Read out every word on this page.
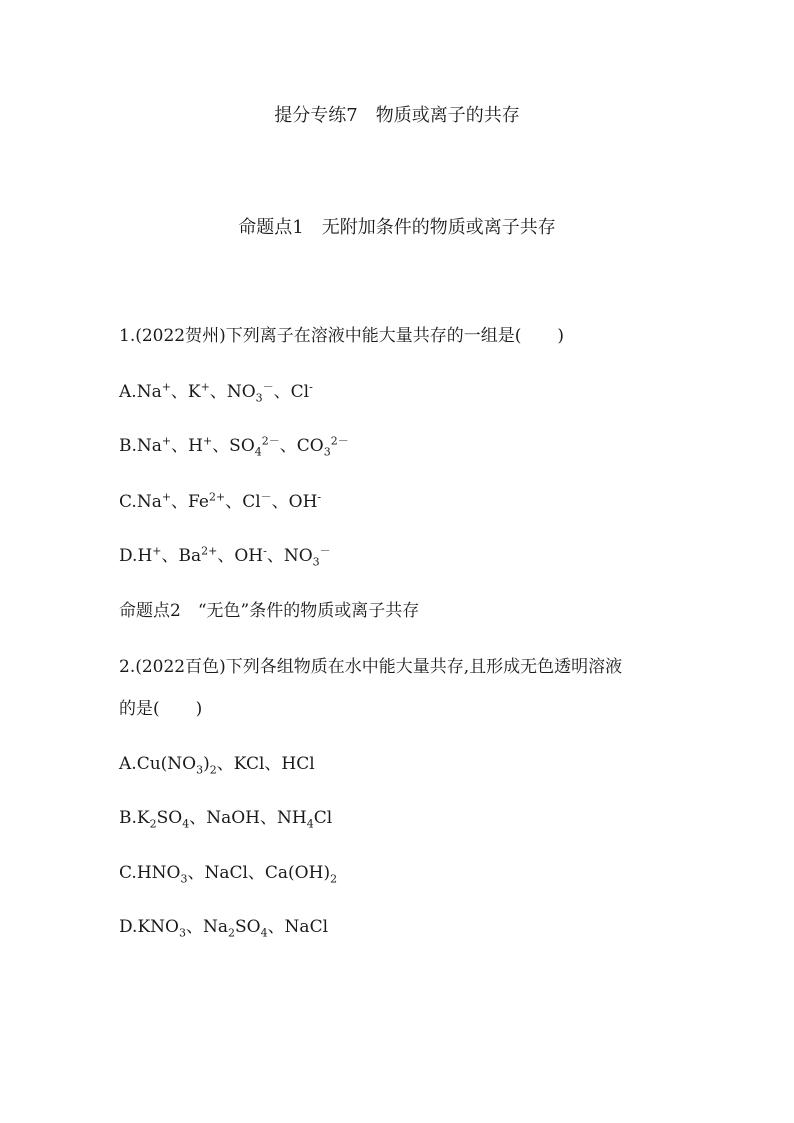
提分专练7　物质或离子的共存
命题点1　无附加条件的物质或离子共存
1.(2022贺州)下列离子在溶液中能大量共存的一组是( )
A.Na+、K+、$NO_3^-$、Cl-
B.Na+、H+、$SO_4^{2-}$、$CO_3^{2-}$
C.Na+、$Fe^{2+}$、Cl－、OH-
D.H+、$Ba^{2+}$、OH-、$NO_3^-$
命题点2　“无色”条件的物质或离子共存
2.(2022百色)下列各组物质在水中能大量共存,且形成无色透明溶液
的是( )
$A.Cu(NO_3)_2$、KCl、HCl
$B.K_2SO_4$、NaOH、$NH_4Cl$
$C.HNO_3$、NaCl、$Ca(OH)_2$
$D.KNO_3$、$Na_2SO_4$、NaCl
